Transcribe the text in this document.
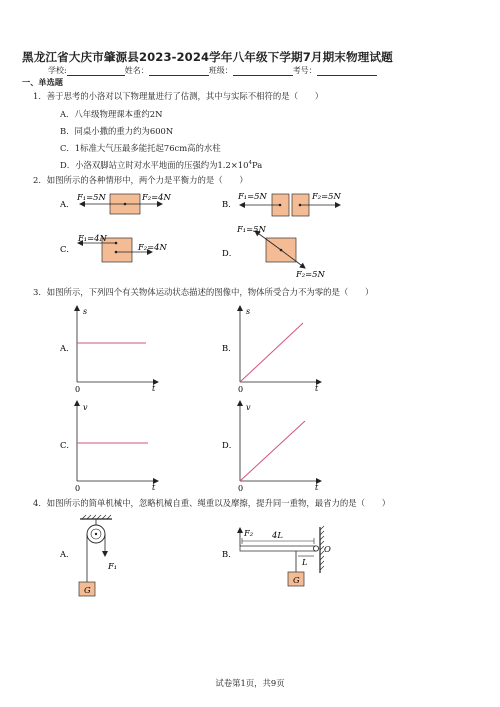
黑龙江省大庆市肇源县2023-2024学年八年级下学期7月期末物理试题
学校:	姓名：	班级：	考号：
一、单选题
1．善于思考的小洛对以下物理量进行了估测，其中与实际不相符的是（　　）
A．八年级物理课本重约2N
B．同桌小撒的重力约为600N
C．1标准大气压最多能托起76cm高的水柱
D．小洛双脚站立时对水平地面的压强约为$1.2\times 10^4Pa$
2．如图所示的各种情形中，两个力是平衡力的是（　　）
A．
F₁=5N	F₂=4N
B．
F₁=5N	F₂=5N
C．
F₁=4N
F₂=4N
D．
F₁=5N
F₂=5N
A．
s
t
0
B．
s
t
0
C．
v
t
0
D．
v
t
0
A．
F₁
G
B．	O
F₂ 4L
L
G
3．如图所示，下列四个有关物体运动状态描述的图像中，物体所受合力不为零的是（　　）
4．如图所示的简单机械中，忽略机械自重、绳重以及摩擦，提升同一重物，最省力的是（　　）
试卷第1页，共9页
